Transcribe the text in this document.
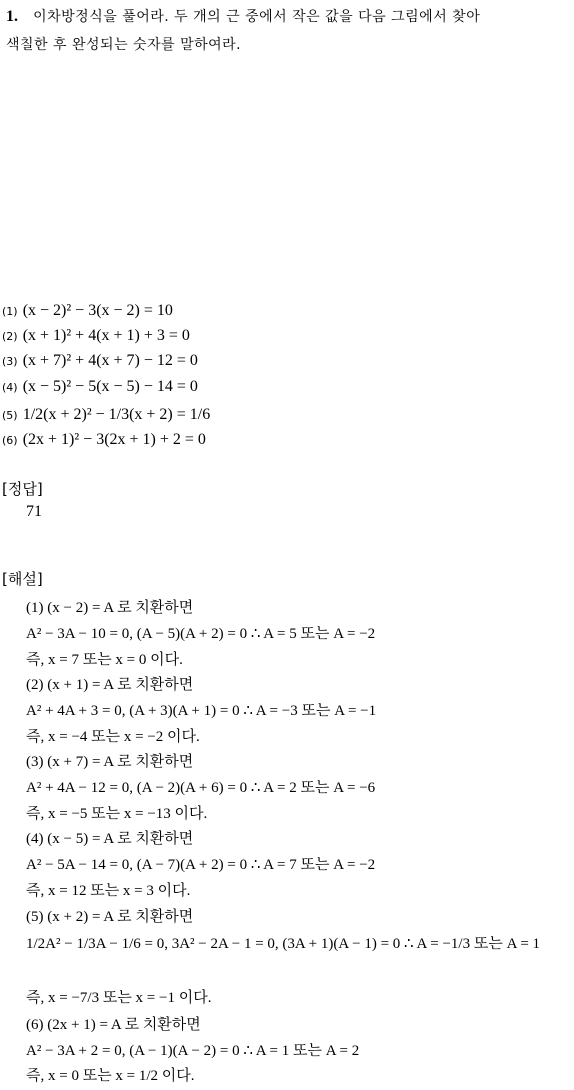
1. 이차방정식을 풀어라. 두 개의 근 중에서 작은 값을 다음 그림에서 찾아
색칠한 후 완성되는 숫자를 말하여라.
(1) (x − 2)² − 3(x − 2) = 10
(2) (x + 1)² + 4(x + 1) + 3 = 0
(3) (x + 7)² + 4(x + 7) − 12 = 0
(4) (x − 5)² − 5(x − 5) − 14 = 0
(5) 1/2(x + 2)² − 1/3(x + 2) = 1/6
(6) (2x + 1)² − 3(2x + 1) + 2 = 0
[정답]
71
[해설]
(1) (x − 2) = A 로 치환하면
A² − 3A − 10 = 0, (A − 5)(A + 2) = 0 ∴ A = 5 또는 A = −2
즉, x = 7 또는 x = 0 이다.
(2) (x + 1) = A 로 치환하면
A² + 4A + 3 = 0, (A + 3)(A + 1) = 0 ∴ A = −3 또는 A = −1
즉, x = −4 또는 x = −2 이다.
(3) (x + 7) = A 로 치환하면
A² + 4A − 12 = 0, (A − 2)(A + 6) = 0 ∴ A = 2 또는 A = −6
즉, x = −5 또는 x = −13 이다.
(4) (x − 5) = A 로 치환하면
A² − 5A − 14 = 0, (A − 7)(A + 2) = 0 ∴ A = 7 또는 A = −2
즉, x = 12 또는 x = 3 이다.
(5) (x + 2) = A 로 치환하면
1/2A² − 1/3A − 1/6 = 0, 3A² − 2A − 1 = 0, (3A + 1)(A − 1) = 0 ∴ A = −1/3 또는 A = 1
즉, x = −7/3 또는 x = −1 이다.
(6) (2x + 1) = A 로 치환하면
A² − 3A + 2 = 0, (A − 1)(A − 2) = 0 ∴ A = 1 또는 A = 2
즉, x = 0 또는 x = 1/2 이다.
